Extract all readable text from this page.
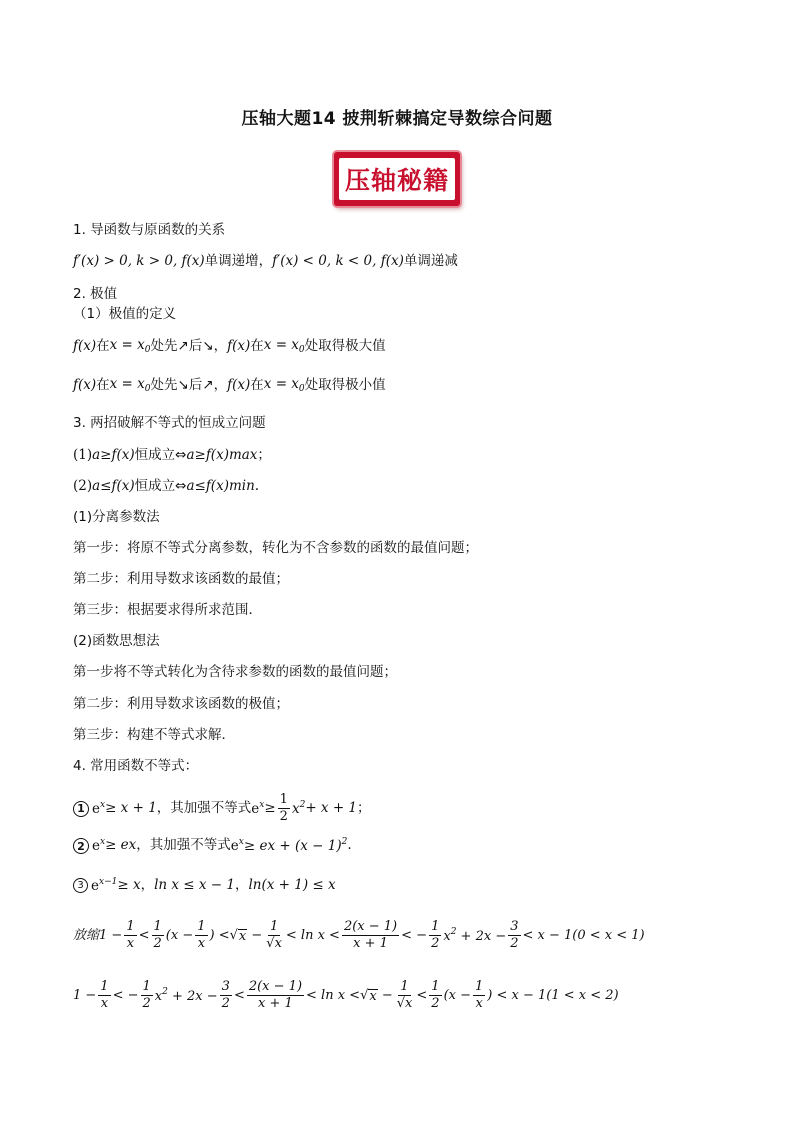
压轴大题14 披荆斩棘搞定导数综合问题
压轴秘籍
1. 导函数与原函数的关系
f′(x) > 0, k > 0, f(x) 单调递增， f′(x) < 0, k < 0, f(x) 单调递减
2. 极值
（1）极值的定义
f(x) 在 $x = x_0$ 处先↗后↘， f(x) 在 $x = x_0$ 处取得极大值
f(x) 在 $x = x_0$ 处先↘后↗， f(x) 在 $x = x_0$ 处取得极小值
3. 两招破解不等式的恒成立问题
(1) a≥f(x) 恒成立⇔ a≥f(x)max ；
(2) a≤f(x) 恒成立⇔ a≤f(x)min.
(1)分离参数法
第一步：将原不等式分离参数，转化为不含参数的函数的最值问题；
第二步：利用导数求该函数的最值；
第三步：根据要求得所求范围．
(2)函数思想法
第一步将不等式转化为含待求参数的函数的最值问题；
第二步：利用导数求该函数的极值；
第三步：构建不等式求解．
4. 常用函数不等式：
1 $e^x \ge x + 1$ ，其加强不等式 $e^x \ge \frac{1}{2} x^2 + x + 1$ ；
2 $e^x$ ≥ ex ，其加强不等式 $e^x$ ≥ ex + $(x - 1)^2$ .
3 $e^{x-1} \ge x$ ， ln x ≤ x − 1 ， ln(x + 1) ≤ x
放缩 $1 - \frac{1}{x} < \frac{1}{2} (x - \frac{1}{x}$ ) < √ $x - \frac{1}{√x} < \ln x < \frac{2(x - 1)}{x + 1}$ < − $\frac{1}{2} x^2 + 2x - \frac{3}{2} < x - 1(0 < x < 1)$
$1 - \frac{1}{x}$ < − $\frac{1}{2} x^2 + 2x - \frac{3}{2} < \frac{2(x - 1)}{x + 1} < \ln x$ < √ $x - \frac{1}{√x} < \frac{1}{2} (x - \frac{1}{x}$ ) < x − 1(1 < x < 2)
